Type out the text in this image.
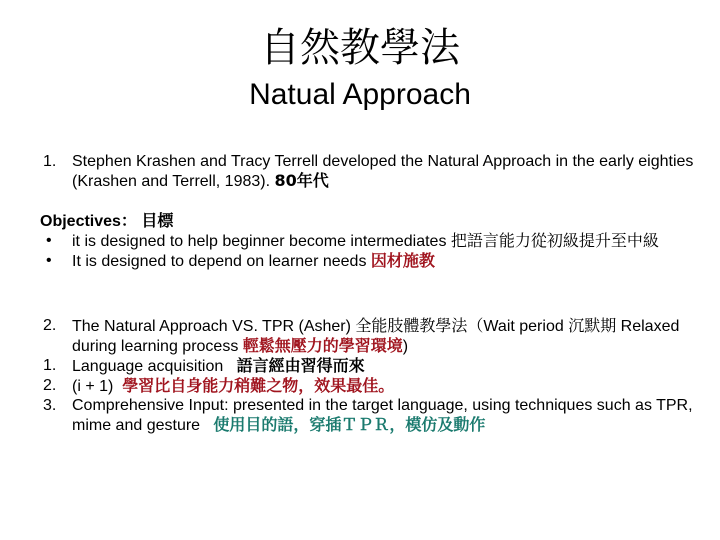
自然教學法
Natual Approach
1. Stephen Krashen and Tracy Terrell developed the Natural Approach in the early eighties (Krashen and Terrell, 1983). 80年代
Objectives： 目標
• it is designed to help beginner become intermediates 把語言能力從初級提升至中級
• It is designed to depend on learner needs 因材施教
2. The Natural Approach VS. TPR (Asher) 全能肢體教學法（Wait period 沉默期 Relaxed during learning process 輕鬆無壓力的學習環境)
1. Language acquisition 語言經由習得而來
2. (i + 1) 學習比自身能力稍難之物，效果最佳。
3. Comprehensive Input: presented in the target language, using techniques such as TPR, mime and gesture 使用目的語，穿插ＴＰＲ，模仿及動作
